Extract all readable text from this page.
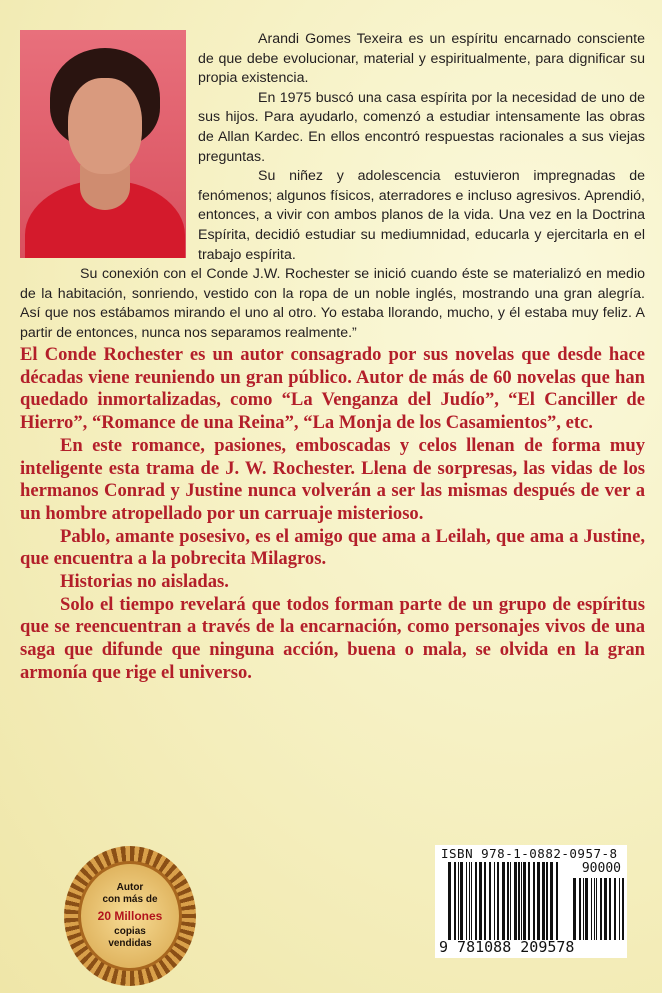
Arandi Gomes Texeira es un espíritu encarnado consciente de que debe evolucionar, material y espiritualmente, para dignificar su propia existencia.

En 1975 buscó una casa espírita por la necesidad de uno de sus hijos. Para ayudarlo, comenzó a estudiar intensamente las obras de Allan Kardec. En ellos encontró respuestas racionales a sus viejas preguntas.

Su niñez y adolescencia estuvieron impregnadas de fenómenos; algunos físicos, aterradores e incluso agresivos. Aprendió, entonces, a vivir con ambos planos de la vida. Una vez en la Doctrina Espírita, decidió estudiar su mediumnidad, educarla y ejercitarla en el trabajo espírita.

Su conexión con el Conde J.W. Rochester se inició cuando éste se materializó en medio de la habitación, sonriendo, vestido con la ropa de un noble inglés, mostrando una gran alegría. Así que nos estábamos mirando el uno al otro. Yo estaba llorando, mucho, y él estaba muy feliz. A partir de entonces, nunca nos separamos realmente.”

El Conde Rochester es un autor consagrado por sus novelas que desde hace décadas viene reuniendo un gran público. Autor de más de 60 novelas que han quedado inmortalizadas, como “La Venganza del Judío”, “El Canciller de Hierro”, “Romance de una Reina”, “La Monja de los Casamientos”, etc.

En este romance, pasiones, emboscadas y celos llenan de forma muy inteligente esta trama de J. W. Rochester. Llena de sorpresas, las vidas de los hermanos Conrad y Justine nunca volverán a ser las mismas después de ver a un hombre atropellado por un carruaje misterioso.

Pablo, amante posesivo, es el amigo que ama a Leilah, que ama a Justine, que encuentra a la pobrecita Milagros.

Historias no aisladas.

Solo el tiempo revelará que todos forman parte de un grupo de espíritus que se reencuentran a través de la encarnación, como personajes vivos de una saga que difunde que ninguna acción, buena o mala, se olvida en la gran armonía que rige el universo.

Autor
con más de
20 Millones
copias
vendidas
ISBN 978-1-0882-0957-8
90000
9 781088 209578
